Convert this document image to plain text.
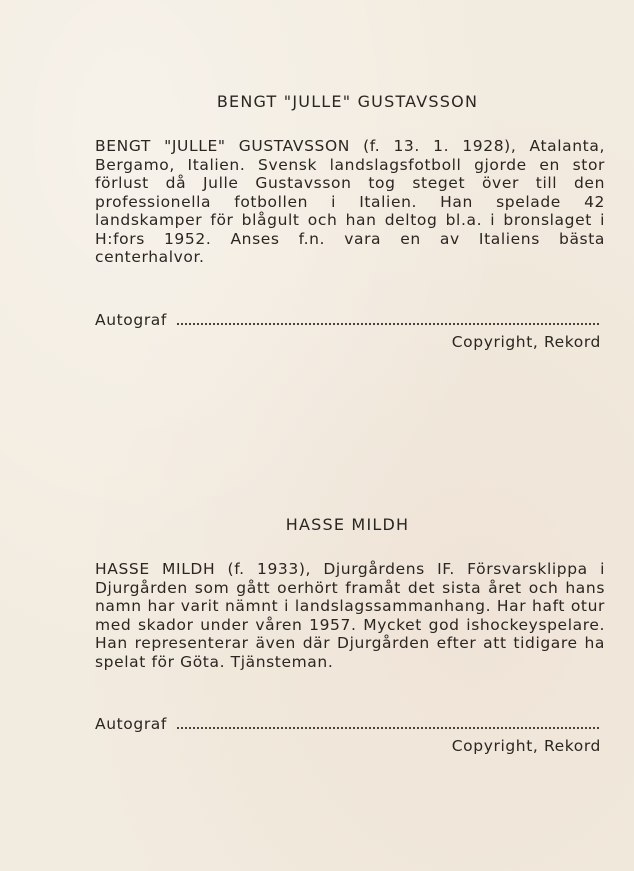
BENGT "JULLE" GUSTAVSSON

BENGT "JULLE" GUSTAVSSON (f. 13. 1. 1928), Atalanta, Bergamo, Italien. Svensk landslagsfotboll gjorde en stor förlust då Julle Gustavsson tog steget över till den professionella fotbollen i Italien. Han spelade 42 landskamper för blågult och han deltog bl.a. i bronslaget i H:fors 1952. Anses f.n. vara en av Italiens bästa centerhalvor.

Autograf
Copyright, Rekord
HASSE MILDH

HASSE MILDH (f. 1933), Djurgårdens IF. Försvarsklippa i Djurgården som gått oerhört framåt det sista året och hans namn har varit nämnt i landslagssammanhang. Har haft otur med skador under våren 1957. Mycket god ishockeyspelare. Han representerar även där Djurgården efter att tidigare ha spelat för Göta. Tjänsteman.

Autograf
Copyright, Rekord
